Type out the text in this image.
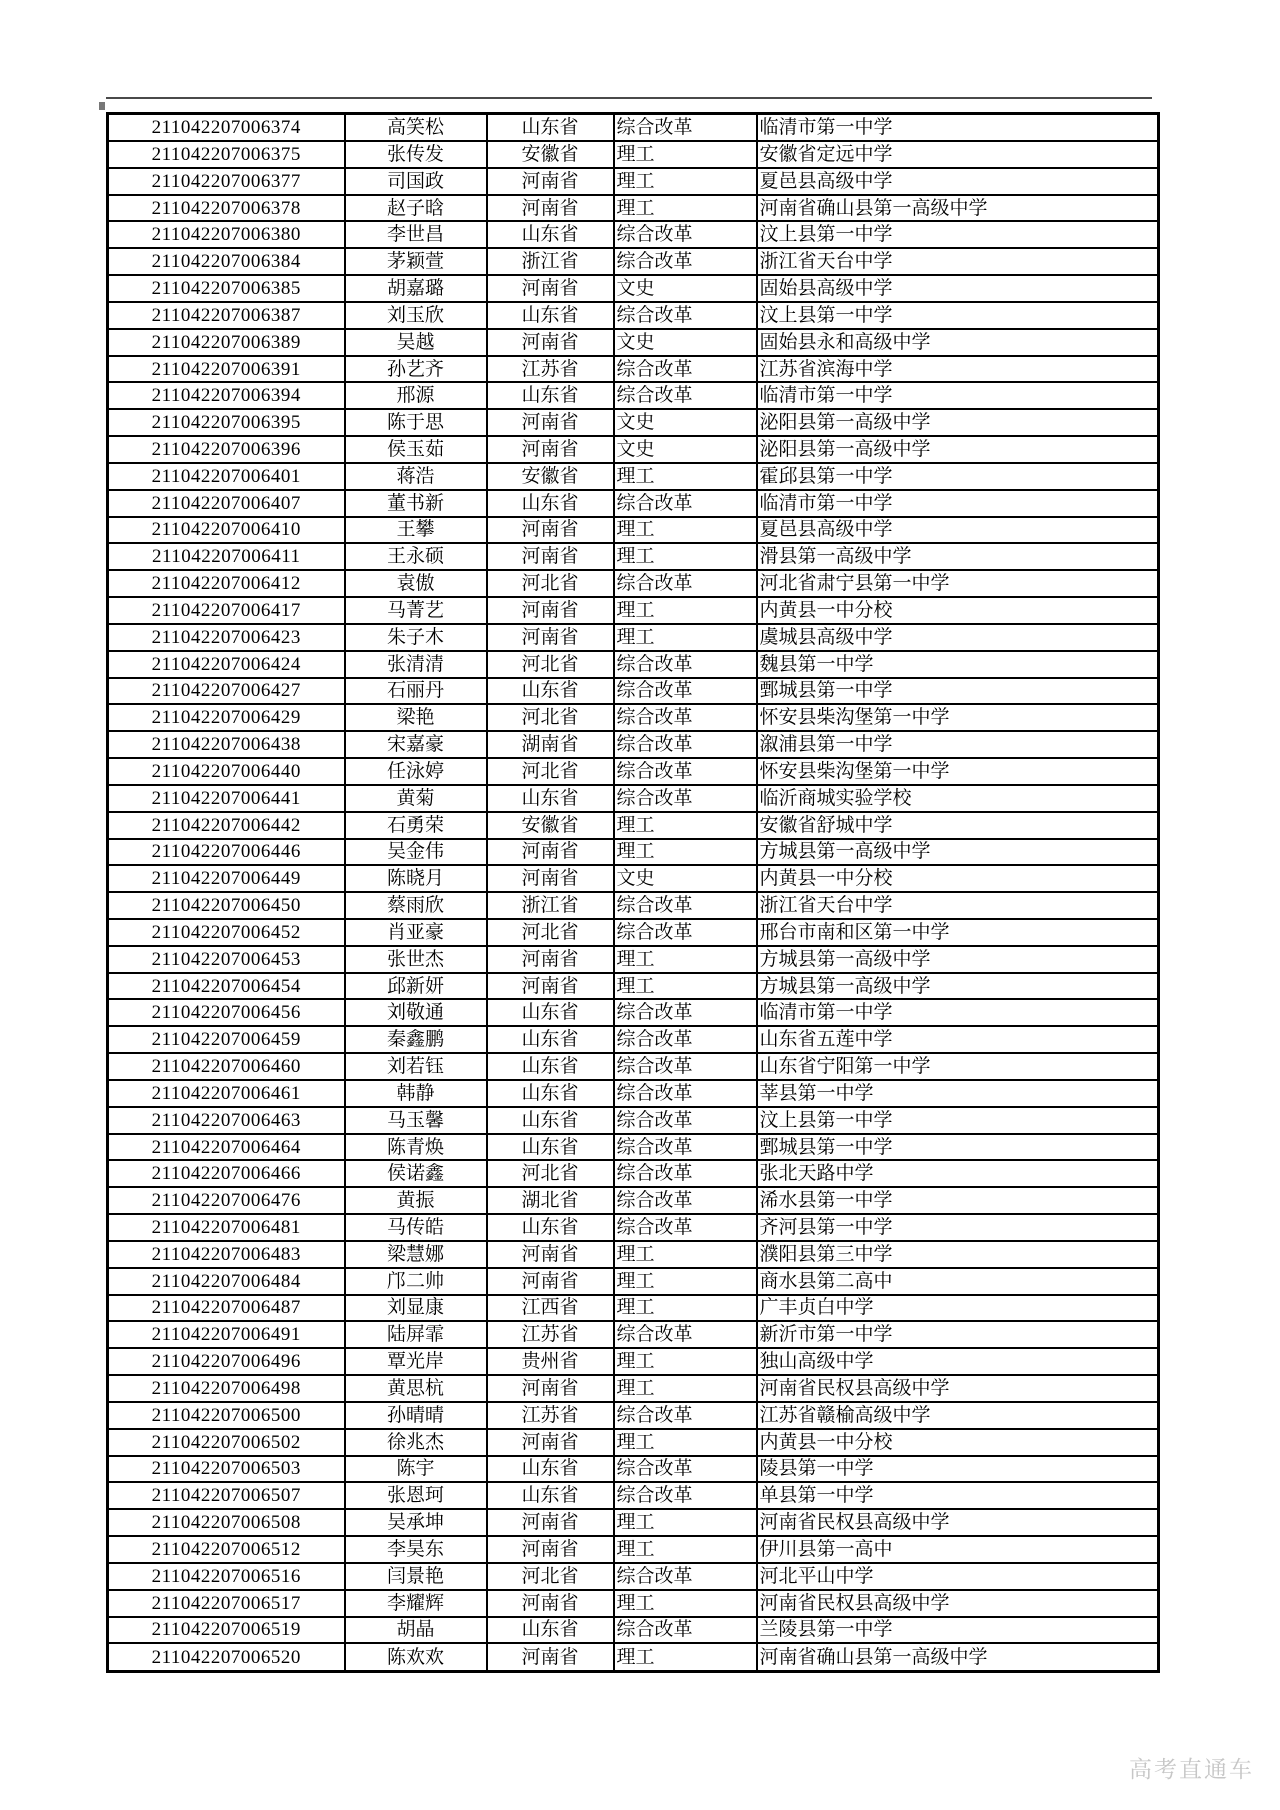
211042207006374	高笑松	山东省	综合改革	临清市第一中学
211042207006375	张传发	安徽省	理工	安徽省定远中学
211042207006377	司国政	河南省	理工	夏邑县高级中学
211042207006378	赵子晗	河南省	理工	河南省确山县第一高级中学
211042207006380	李世昌	山东省	综合改革	汶上县第一中学
211042207006384	茅颖萱	浙江省	综合改革	浙江省天台中学
211042207006385	胡嘉璐	河南省	文史	固始县高级中学
211042207006387	刘玉欣	山东省	综合改革	汶上县第一中学
211042207006389	吴越	河南省	文史	固始县永和高级中学
211042207006391	孙艺齐	江苏省	综合改革	江苏省滨海中学
211042207006394	邢源	山东省	综合改革	临清市第一中学
211042207006395	陈于思	河南省	文史	泌阳县第一高级中学
211042207006396	侯玉茹	河南省	文史	泌阳县第一高级中学
211042207006401	蒋浩	安徽省	理工	霍邱县第一中学
211042207006407	董书新	山东省	综合改革	临清市第一中学
211042207006410	王攀	河南省	理工	夏邑县高级中学
211042207006411	王永硕	河南省	理工	滑县第一高级中学
211042207006412	袁傲	河北省	综合改革	河北省肃宁县第一中学
211042207006417	马菁艺	河南省	理工	内黄县一中分校
211042207006423	朱子木	河南省	理工	虞城县高级中学
211042207006424	张清清	河北省	综合改革	魏县第一中学
211042207006427	石丽丹	山东省	综合改革	鄄城县第一中学
211042207006429	梁艳	河北省	综合改革	怀安县柴沟堡第一中学
211042207006438	宋嘉豪	湖南省	综合改革	溆浦县第一中学
211042207006440	任泳婷	河北省	综合改革	怀安县柴沟堡第一中学
211042207006441	黄菊	山东省	综合改革	临沂商城实验学校
211042207006442	石勇荣	安徽省	理工	安徽省舒城中学
211042207006446	吴金伟	河南省	理工	方城县第一高级中学
211042207006449	陈晓月	河南省	文史	内黄县一中分校
211042207006450	蔡雨欣	浙江省	综合改革	浙江省天台中学
211042207006452	肖亚豪	河北省	综合改革	邢台市南和区第一中学
211042207006453	张世杰	河南省	理工	方城县第一高级中学
211042207006454	邱新妍	河南省	理工	方城县第一高级中学
211042207006456	刘敬通	山东省	综合改革	临清市第一中学
211042207006459	秦鑫鹏	山东省	综合改革	山东省五莲中学
211042207006460	刘若钰	山东省	综合改革	山东省宁阳第一中学
211042207006461	韩静	山东省	综合改革	莘县第一中学
211042207006463	马玉馨	山东省	综合改革	汶上县第一中学
211042207006464	陈青焕	山东省	综合改革	鄄城县第一中学
211042207006466	侯诺鑫	河北省	综合改革	张北天路中学
211042207006476	黄振	湖北省	综合改革	浠水县第一中学
211042207006481	马传皓	山东省	综合改革	齐河县第一中学
211042207006483	梁慧娜	河南省	理工	濮阳县第三中学
211042207006484	邝二帅	河南省	理工	商水县第二高中
211042207006487	刘显康	江西省	理工	广丰贞白中学
211042207006491	陆屏霏	江苏省	综合改革	新沂市第一中学
211042207006496	覃光岸	贵州省	理工	独山高级中学
211042207006498	黄思杭	河南省	理工	河南省民权县高级中学
211042207006500	孙晴晴	江苏省	综合改革	江苏省赣榆高级中学
211042207006502	徐兆杰	河南省	理工	内黄县一中分校
211042207006503	陈宇	山东省	综合改革	陵县第一中学
211042207006507	张恩珂	山东省	综合改革	单县第一中学
211042207006508	吴承坤	河南省	理工	河南省民权县高级中学
211042207006512	李昊东	河南省	理工	伊川县第一高中
211042207006516	闫景艳	河北省	综合改革	河北平山中学
211042207006517	李耀辉	河南省	理工	河南省民权县高级中学
211042207006519	胡晶	山东省	综合改革	兰陵县第一中学
211042207006520	陈欢欢	河南省	理工	河南省确山县第一高级中学
高考直通车
